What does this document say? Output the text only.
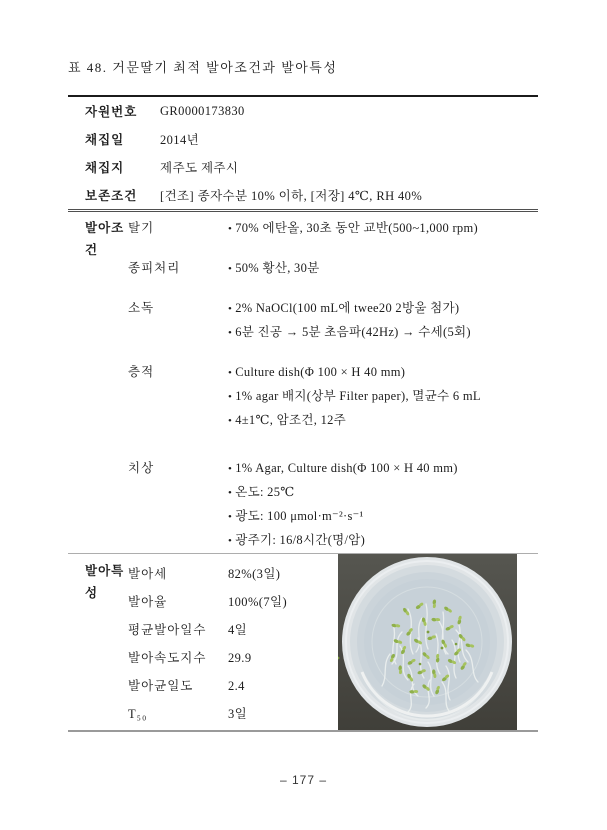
표 48. 거문딸기 최적 발아조건과 발아특성
자원번호	GR0000173830
채집일	2014년
채집지	제주도 제주시
보존조건	[건조] 종자수분 10% 이하, [저장] 4℃, RH 40%
발아조건
탈기	• 70% 에탄올, 30초 동안 교반(500~1,000 rpm)
종피처리	• 50% 황산, 30분
소독	• 2% NaOCl(100 mL에 twee20 2방울 첨가)
• 6분 진공 → 5분 초음파(42Hz) → 수세(5회)
층적	• Culture dish(Φ 100 × H 40 mm)
• 1% agar 배지(상부 Filter paper), 멸균수 6 mL
• 4±1℃, 암조건, 12주
치상	• 1% Agar, Culture dish(Φ 100 × H 40 mm)
• 온도: 25℃
• 광도: 100 μmol·m⁻²·s⁻¹
• 광주기: 16/8시간(명/암)
발아특성
발아세	82%(3일)
발아율	100%(7일)
평균발아일수	4일
발아속도지수	29.9
발아균일도	2.4
T₅₀	3일
– 177 –
